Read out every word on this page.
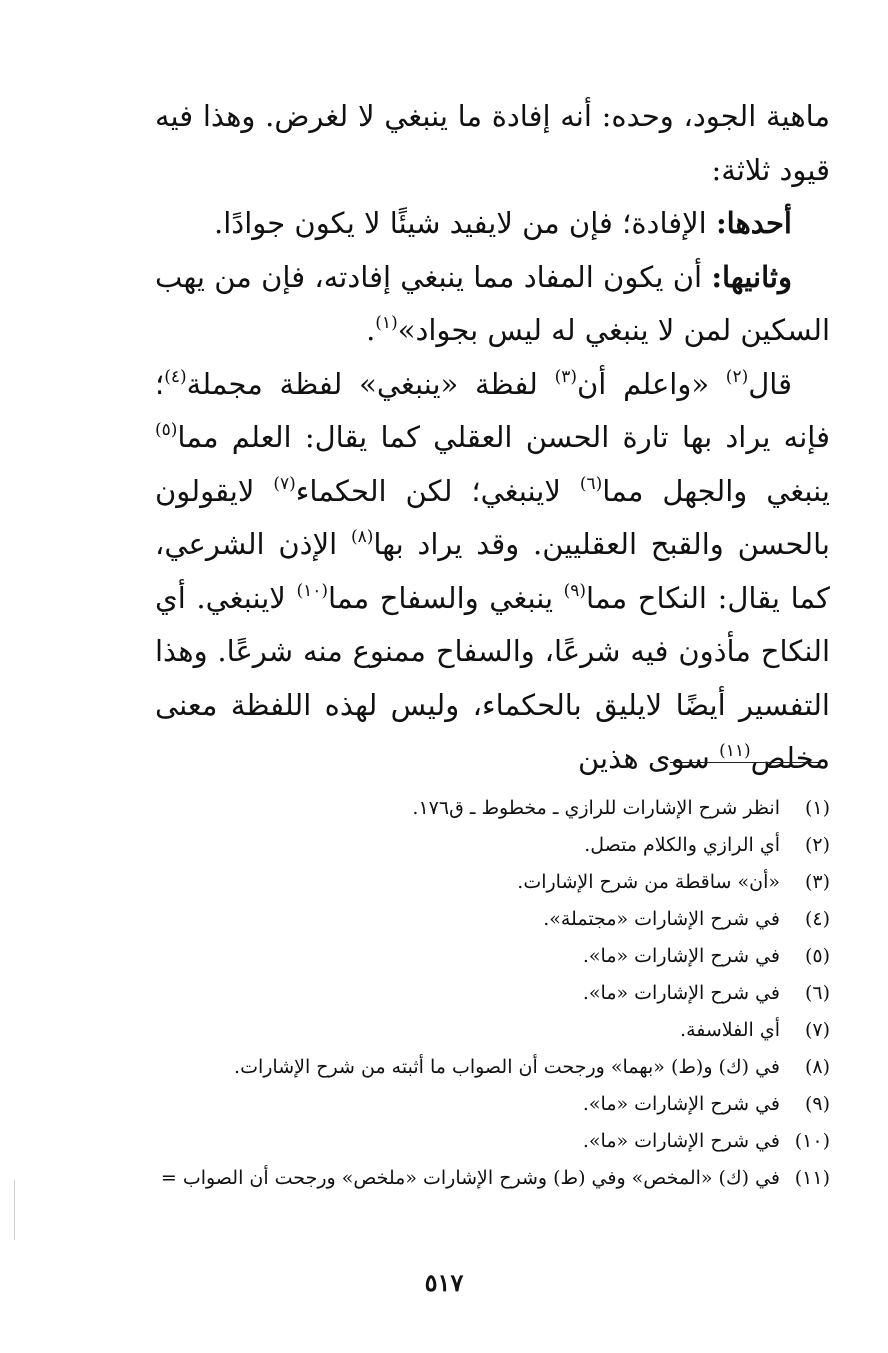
ماهية الجود، وحده: أنه إفادة ما ينبغي لا لغرض. وهذا فيه قيود ثلاثة:

أحدها: الإفادة؛ فإن من لايفيد شيئًا لا يكون جوادًا.

وثانيها: أن يكون المفاد مما ينبغي إفادته، فإن من يهب السكين لمن لا ينبغي له ليس بجواد»$^{(١)}$.

قال$^{(٢)}$ «واعلم أن$^{(٣)}$ لفظة «ينبغي» لفظة مجملة$^{(٤)}$؛ فإنه يراد بها تارة الحسن العقلي كما يقال: العلم مما$^{(٥)}$ ينبغي والجهل مما$^{(٦)}$ لاينبغي؛ لكن الحكماء$^{(٧)}$ لايقولون بالحسن والقبح العقليين. وقد يراد بها$^{(٨)}$ الإذن الشرعي، كما يقال: النكاح مما$^{(٩)}$ ينبغي والسفاح مما$^{(١٠)}$ لاينبغي. أي النكاح مأذون فيه شرعًا، والسفاح ممنوع منه شرعًا. وهذا التفسير أيضًا لايليق بالحكماء، وليس لهذه اللفظة معنى مخلص$^{(١١)}$ سوى هذين

(١)
انظر شرح الإشارات للرازي ـ مخطوط ـ ق١٧٦.
(٢)
أي الرازي والكلام متصل.
(٣)
«أن» ساقطة من شرح الإشارات.
(٤)
في شرح الإشارات «مجتملة».
(٥)
في شرح الإشارات «ما».
(٦)
في شرح الإشارات «ما».
(٧)
أي الفلاسفة.
(٨)
في (ك) و(ط) «بهما» ورجحت أن الصواب ما أثبته من شرح الإشارات.
(٩)
في شرح الإشارات «ما».
(١٠)
في شرح الإشارات «ما».
(١١)
في (ك) «المخص» وفي (ط) وشرح الإشارات «ملخص» ورجحت أن الصواب =
٥١٧
